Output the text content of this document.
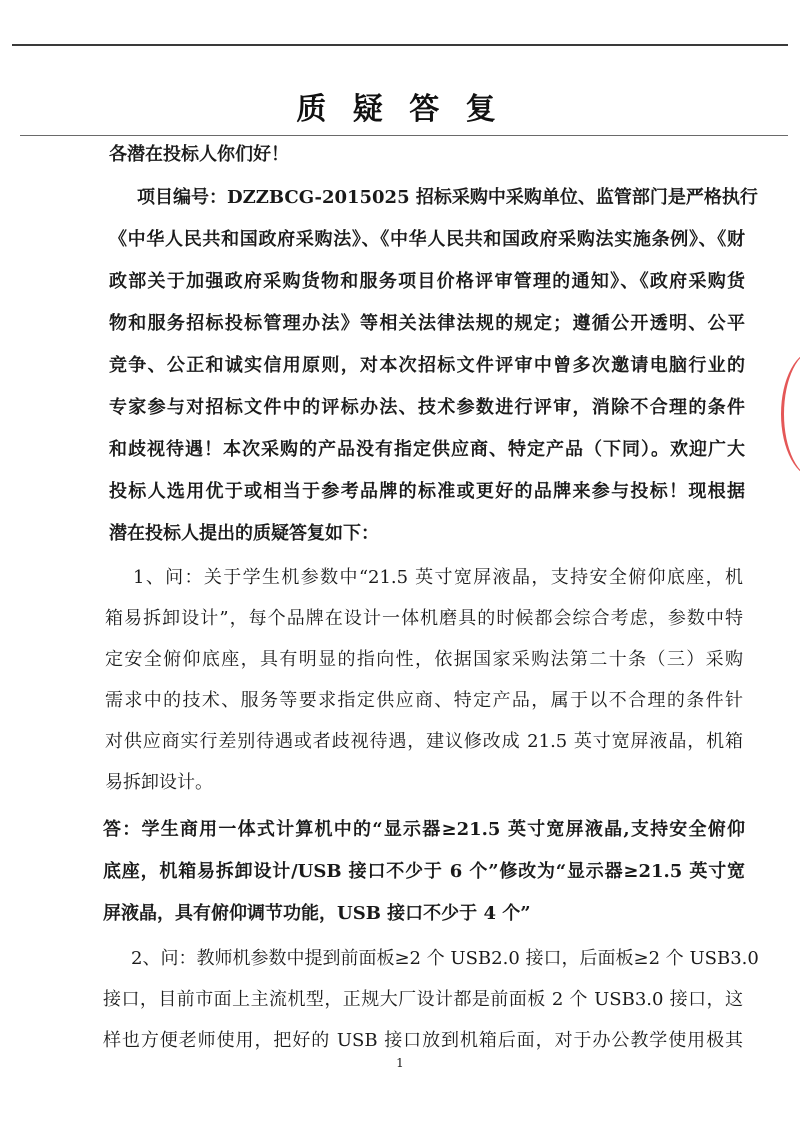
质 疑 答 复
各潜在投标人你们好！
项目编号：DZZBCG-2015025 招标采购中采购单位、监管部门是严格执行
《中华人民共和国政府采购法》、《中华人民共和国政府采购法实施条例》、《财
政部关于加强政府采购货物和服务项目价格评审管理的通知》、《政府采购货
物和服务招标投标管理办法》等相关法律法规的规定；遵循公开透明、公平
竞争、公正和诚实信用原则，对本次招标文件评审中曾多次邀请电脑行业的
专家参与对招标文件中的评标办法、技术参数进行评审，消除不合理的条件
和歧视待遇！本次采购的产品没有指定供应商、特定产品（下同）。欢迎广大
投标人选用优于或相当于参考品牌的标准或更好的品牌来参与投标！现根据
潜在投标人提出的质疑答复如下：
1、问：关于学生机参数中“21.5 英寸宽屏液晶，支持安全俯仰底座，机
箱易拆卸设计”，每个品牌在设计一体机磨具的时候都会综合考虑，参数中特
定安全俯仰底座，具有明显的指向性，依据国家采购法第二十条（三）采购
需求中的技术、服务等要求指定供应商、特定产品，属于以不合理的条件针
对供应商实行差别待遇或者歧视待遇，建议修改成 21.5 英寸宽屏液晶，机箱
易拆卸设计。
答：学生商用一体式计算机中的“显示器≥21.5 英寸宽屏液晶,支持安全俯仰
底座，机箱易拆卸设计/USB 接口不少于 6 个”修改为“显示器≥21.5 英寸宽
屏液晶，具有俯仰调节功能，USB 接口不少于 4 个”
2、问：教师机参数中提到前面板≥2 个 USB2.0 接口，后面板≥2 个 USB3.0
接口，目前市面上主流机型，正规大厂设计都是前面板 2 个 USB3.0 接口，这
样也方便老师使用，把好的 USB 接口放到机箱后面，对于办公教学使用极其
1
